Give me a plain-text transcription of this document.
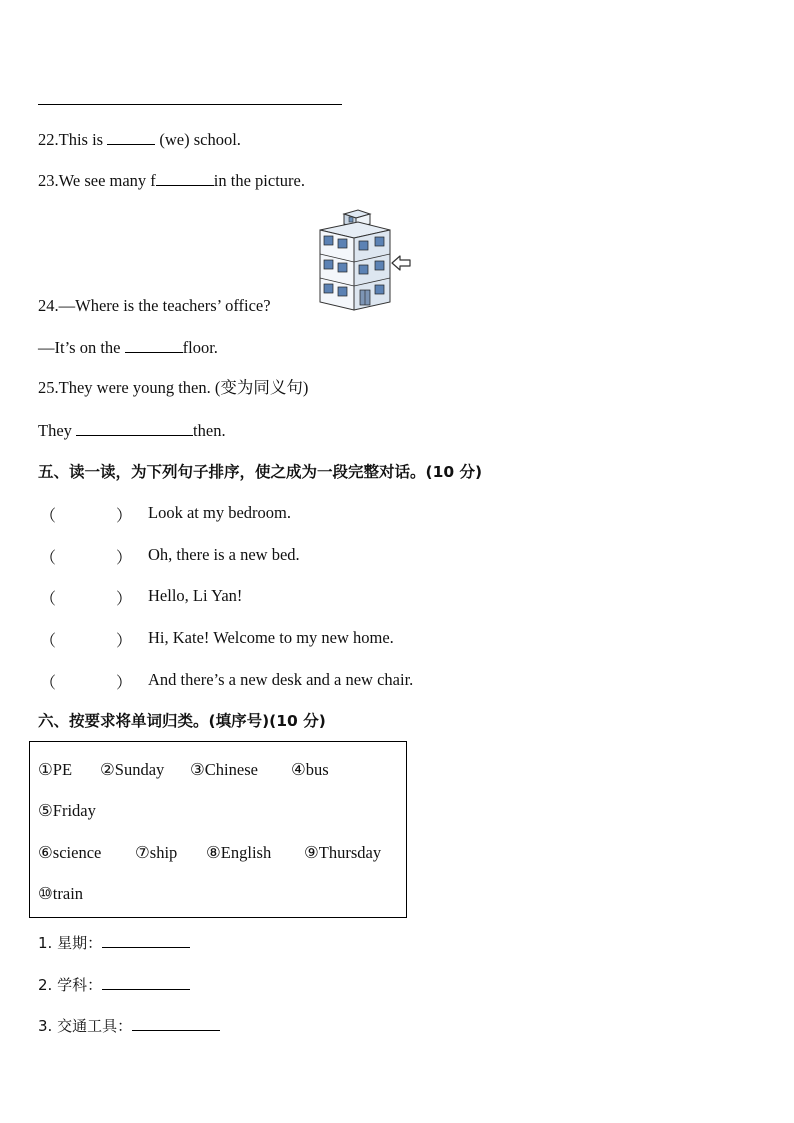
22.This is	(we) school.
23.We see many f	in the picture.
24.—Where is the teachers’ office?
—It’s on the	floor.
25.They were young then. (变为同义句)
They	then.
五、读一读，为下列句子排序，使之成为一段完整对话。(10 分)
（	） Look at my bedroom.
（	） Oh, there is a new bed.
（	） Hello, Li Yan!
（	） Hi, Kate! Welcome to my new home.
（	） And there’s a new desk and a new chair.
六、按要求将单词归类。(填序号)(10 分)
①PE ②Sunday ③Chinese ④bus
⑤Friday
⑥science ⑦ship ⑧English ⑨Thursday
⑩train
1. 星期：
2. 学科：
3. 交通工具：
